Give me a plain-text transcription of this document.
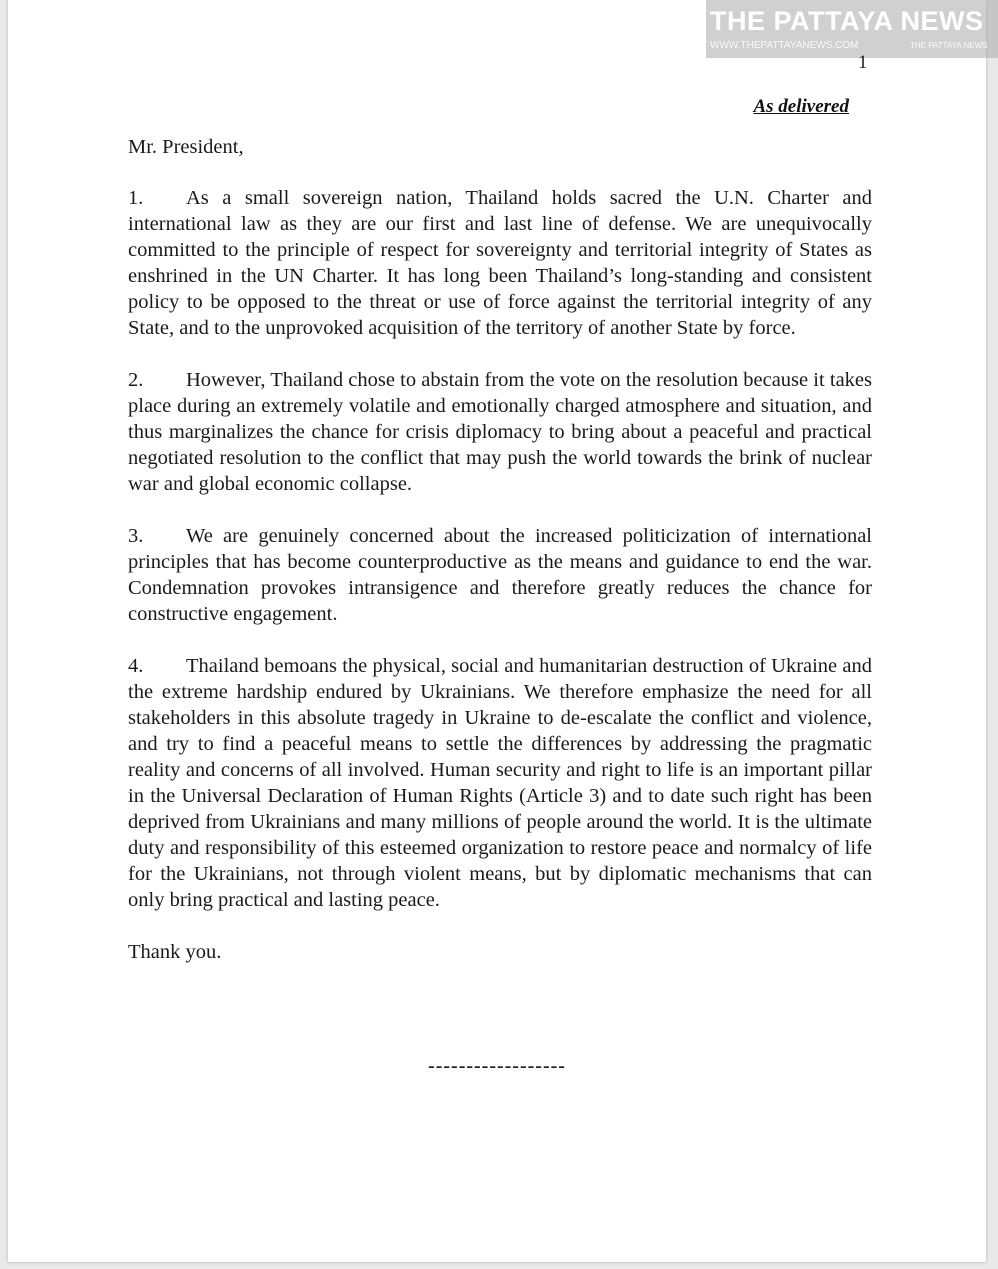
THE PATTAYA NEWS
WWW.THEPATTAYANEWS.COM	THE PATTAYA NEWS
1
As delivered

Mr. President,

1. As a small sovereign nation, Thailand holds sacred the U.N. Charter and international law as they are our first and last line of defense. We are unequivocally committed to the principle of respect for sovereignty and territorial integrity of States as enshrined in the UN Charter. It has long been Thailand’s long-standing and consistent policy to be opposed to the threat or use of force against the territorial integrity of any State, and to the unprovoked acquisition of the territory of another State by force.

2. However, Thailand chose to abstain from the vote on the resolution because it takes place during an extremely volatile and emotionally charged atmosphere and situation, and thus marginalizes the chance for crisis diplomacy to bring about a peaceful and practical negotiated resolution to the conflict that may push the world towards the brink of nuclear war and global economic collapse.

3. We are genuinely concerned about the increased politicization of international principles that has become counterproductive as the means and guidance to end the war. Condemnation provokes intransigence and therefore greatly reduces the chance for constructive engagement.

4. Thailand bemoans the physical, social and humanitarian destruction of Ukraine and the extreme hardship endured by Ukrainians. We therefore emphasize the need for all stakeholders in this absolute tragedy in Ukraine to de-escalate the conflict and violence, and try to find a peaceful means to settle the differences by addressing the pragmatic reality and concerns of all involved. Human security and right to life is an important pillar in the Universal Declaration of Human Rights (Article 3) and to date such right has been deprived from Ukrainians and many millions of people around the world. It is the ultimate duty and responsibility of this esteemed organization to restore peace and normalcy of life for the Ukrainians, not through violent means, but by diplomatic mechanisms that can only bring practical and lasting peace.

Thank you.

------------------
